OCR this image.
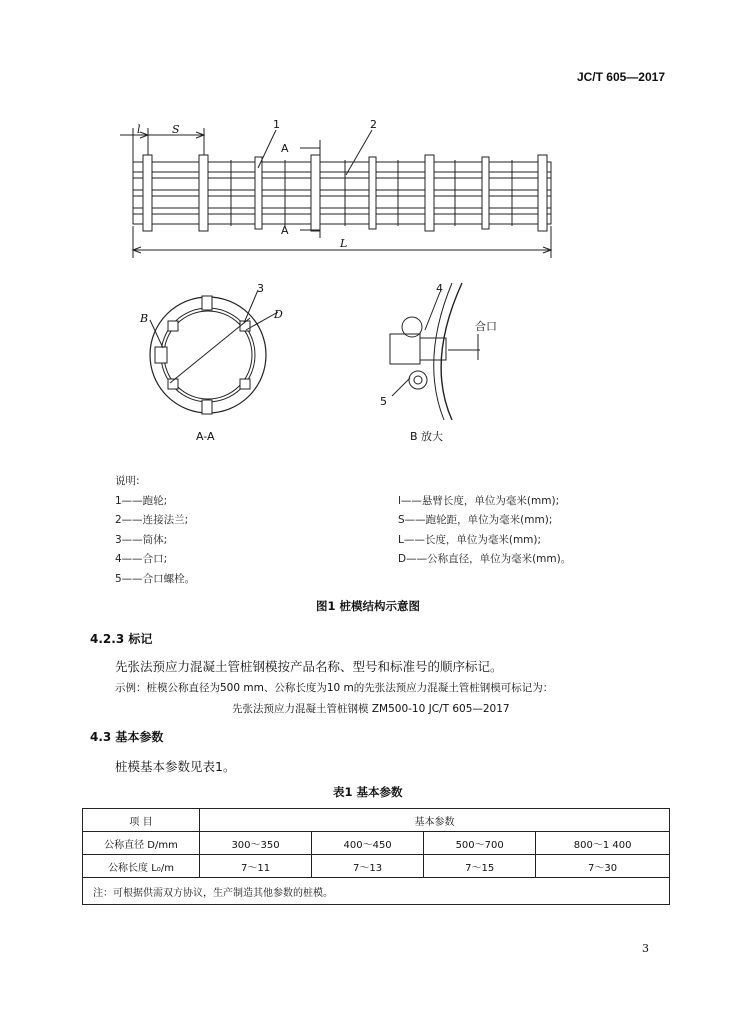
JC/T 605—2017
l	S
L
D
B
1	2
3	4
5
A
A
A-A	B 放大
合口
说明:
1——跑轮;
2——连接法兰;
3——筒体;
4——合口;
5——合口螺栓。
l——悬臂长度，单位为毫米(mm);
S——跑轮距，单位为毫米(mm);
L——长度，单位为毫米(mm);
D——公称直径，单位为毫米(mm)。
图1 桩模结构示意图
4.2.3 标记
先张法预应力混凝土管桩钢模按产品名称、型号和标准号的顺序标记。
示例：桩模公称直径为500 mm、公称长度为10 m的先张法预应力混凝土管桩钢模可标记为：
先张法预应力混凝土管桩钢模 ZM500-10 JC/T 605—2017
4.3 基本参数
桩模基本参数见表1。
表1 基本参数
项 目	基本参数			
公称直径 D/mm	300～350	400～450	500～700	800～1 400
公称长度 L₀/m	7～11	7～13	7～15	7～30
注：可根据供需双方协议，生产制造其他参数的桩模。				
3
